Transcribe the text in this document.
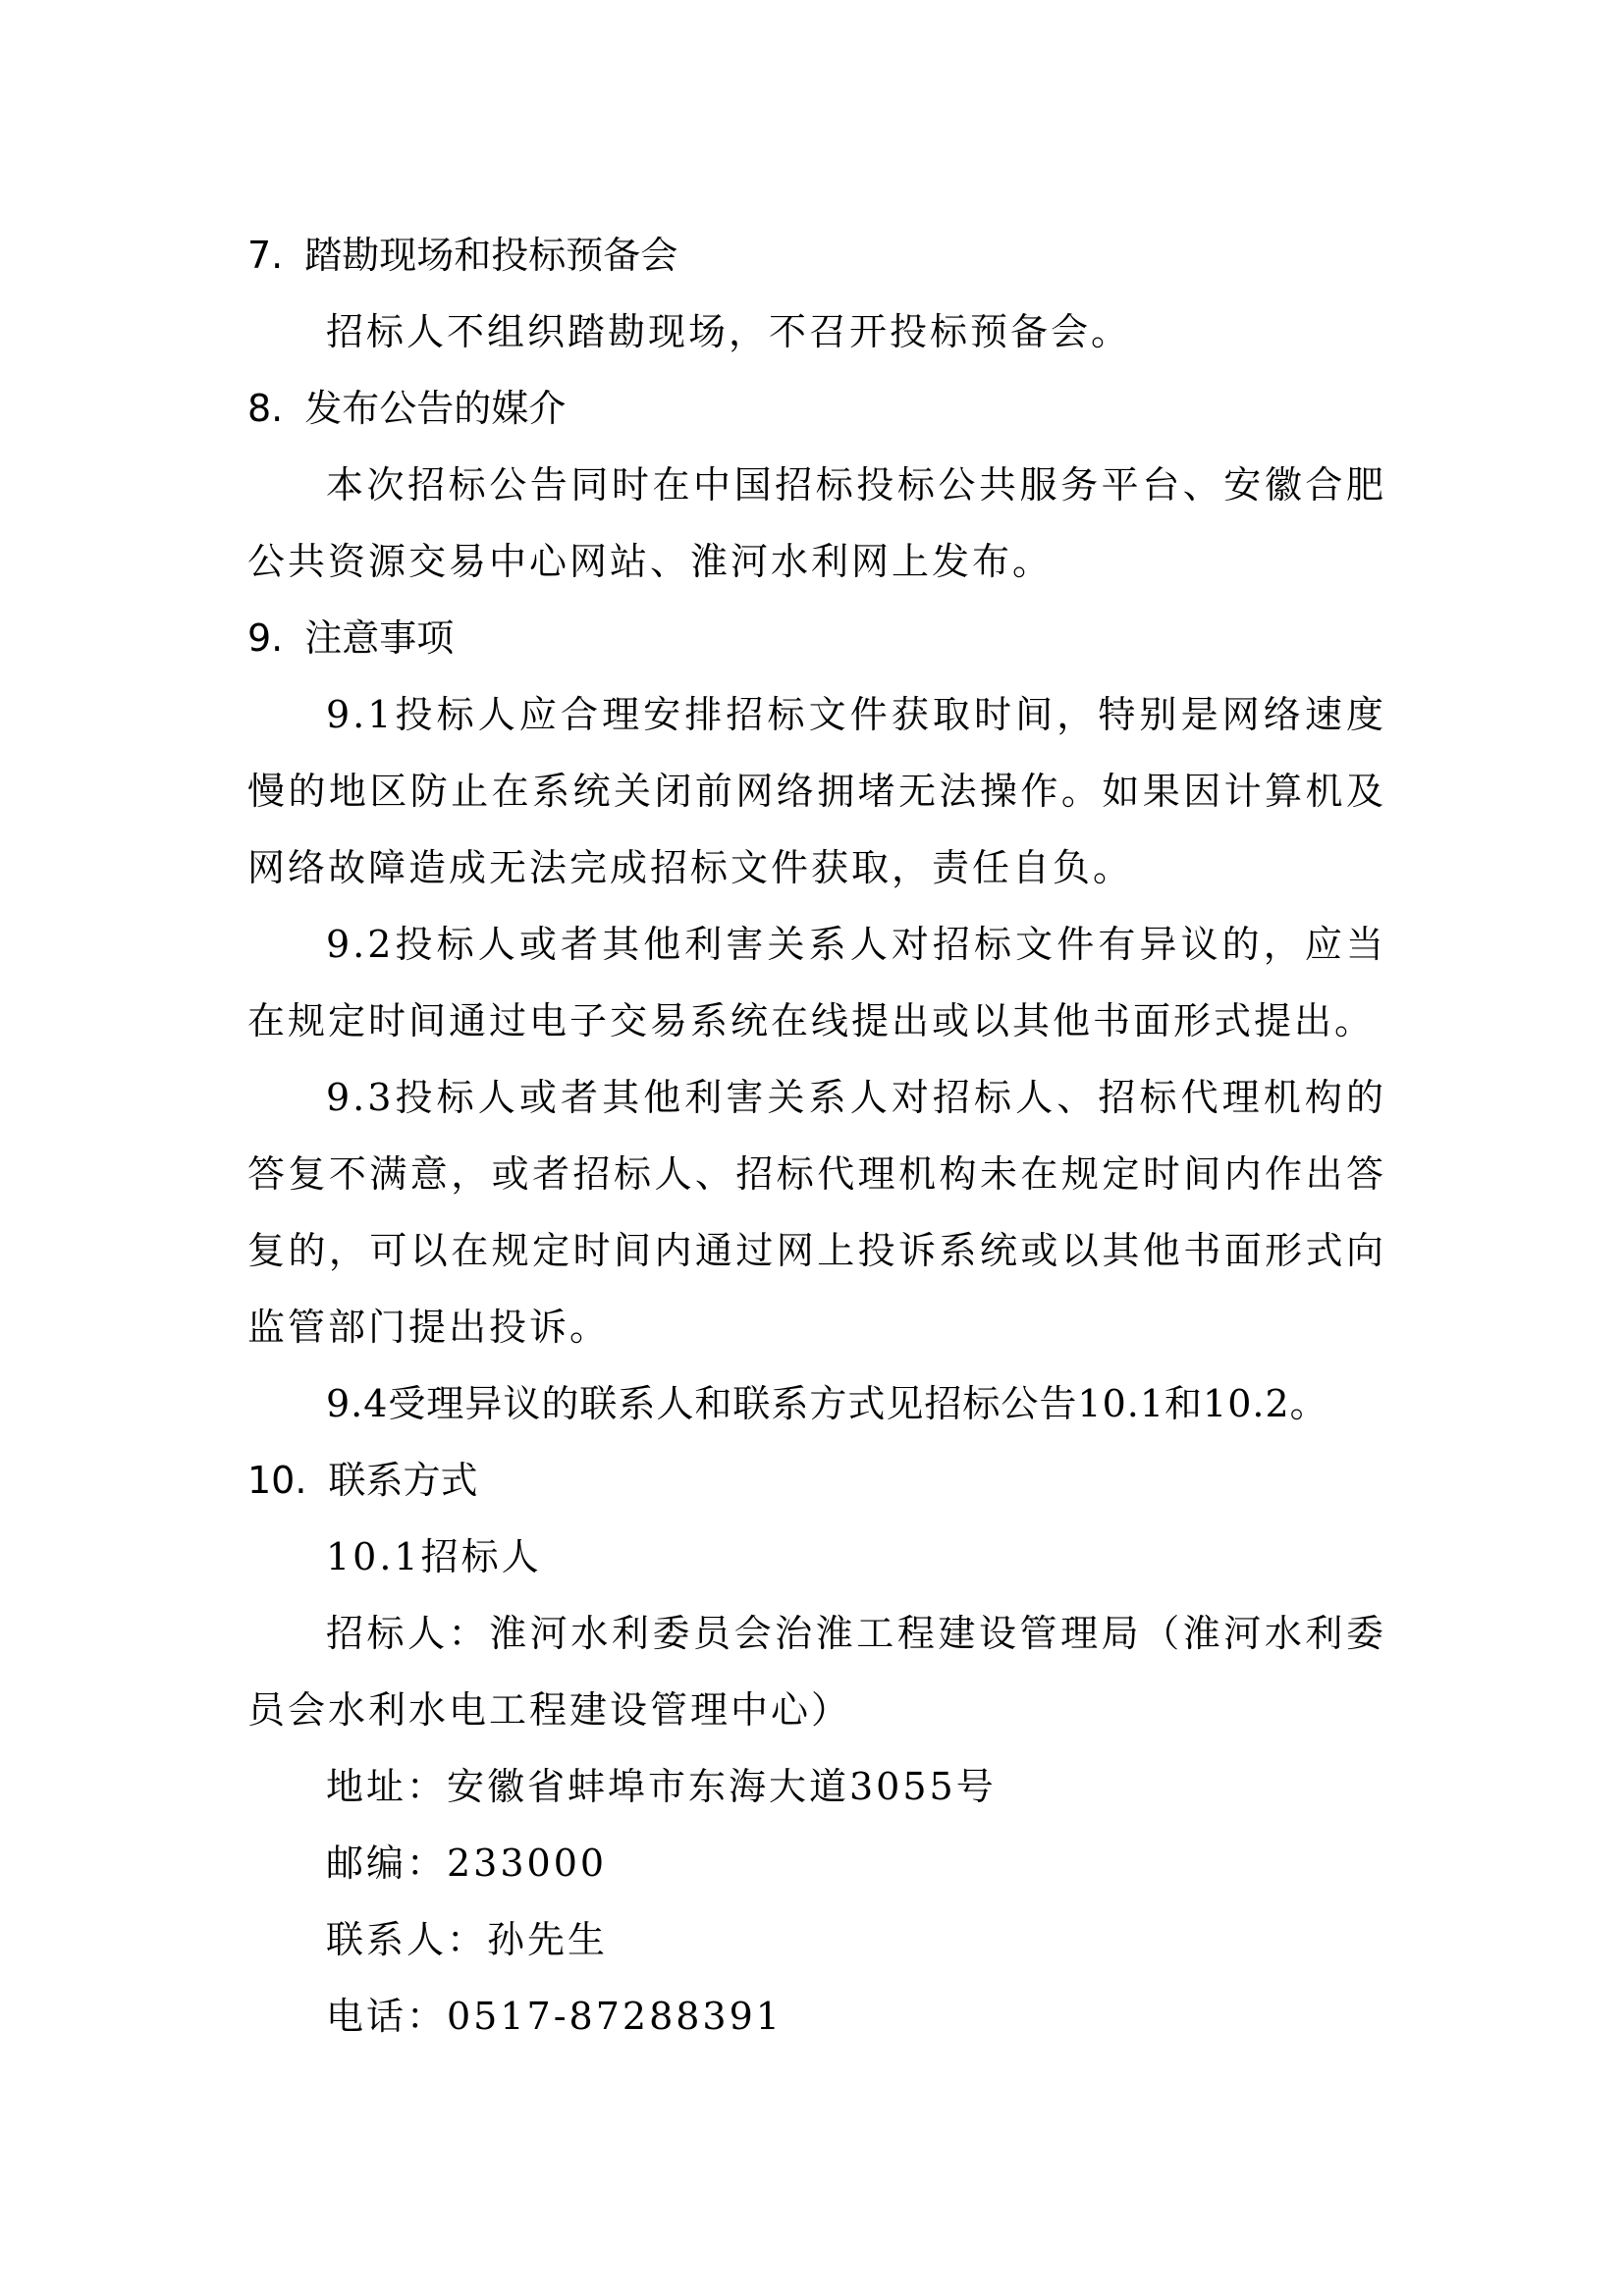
7. 踏勘现场和投标预备会

招标人不组织踏勘现场，不召开投标预备会。

8. 发布公告的媒介

本次招标公告同时在中国招标投标公共服务平台、安徽合肥公共资源交易中心网站、淮河水利网上发布。

9. 注意事项

9.1投标人应合理安排招标文件获取时间，特别是网络速度慢的地区防止在系统关闭前网络拥堵无法操作。如果因计算机及网络故障造成无法完成招标文件获取，责任自负。

9.2投标人或者其他利害关系人对招标文件有异议的，应当在规定时间通过电子交易系统在线提出或以其他书面形式提出。

9.3投标人或者其他利害关系人对招标人、招标代理机构的答复不满意，或者招标人、招标代理机构未在规定时间内作出答复的，可以在规定时间内通过网上投诉系统或以其他书面形式向监管部门提出投诉。

9.4受理异议的联系人和联系方式见招标公告10.1和10.2。

10. 联系方式

10.1招标人

招标人：淮河水利委员会治淮工程建设管理局（淮河水利委员会水利水电工程建设管理中心）

地址：安徽省蚌埠市东海大道3055号

邮编：233000

联系人：孙先生

电话：0517-87288391
